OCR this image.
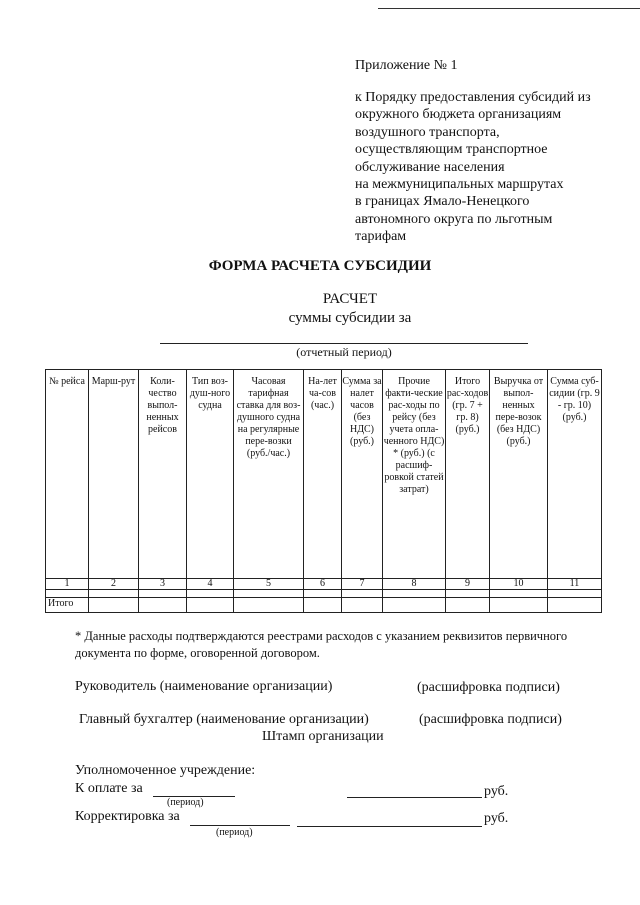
Приложение № 1
к Порядку предоставления субсидий из
окружного бюджета организациям
воздушного транспорта,
осуществляющим транспортное
обслуживание населения
на межмуниципальных маршрутах
в границах Ямало-Ненецкого
автономного округа по льготным
тарифам
ФОРМА РАСЧЕТА СУБСИДИИ
РАСЧЕТ
суммы субсидии за
(отчетный период)
№ рейса	Марш-рут	Коли-чество выпол-ненных рейсов	Тип воз-душ-ного судна	Часовая тарифная ставка для воз-душного судна на регулярные пере-возки (руб./час.)	На-лет ча-сов (час.)	Сумма за налет часов (без НДС) (руб.)	Прочие факти-ческие рас-ходы по рейсу (без учета опла-ченного НДС) * (руб.) (с расшиф-ровкой статей затрат)	Итого рас-ходов (гр. 7 + гр. 8) (руб.)	Выручка от выпол-ненных пере-возок (без НДС) (руб.)	Сумма суб-сидии (гр. 9 - гр. 10) (руб.)
1	2	3	4	5	6	7	8	9	10	11

Итого										
* Данные расходы подтверждаются реестрами расходов с указанием реквизитов первичного документа по форме, оговоренной договором.
Руководитель (наименование организации)	(расшифровка подписи)
Главный бухгалтер (наименование организации)	(расшифровка подписи)
Штамп организации
Уполномоченное учреждение:
К оплате за
(период)
руб.
Корректировка за
(период)
руб.
